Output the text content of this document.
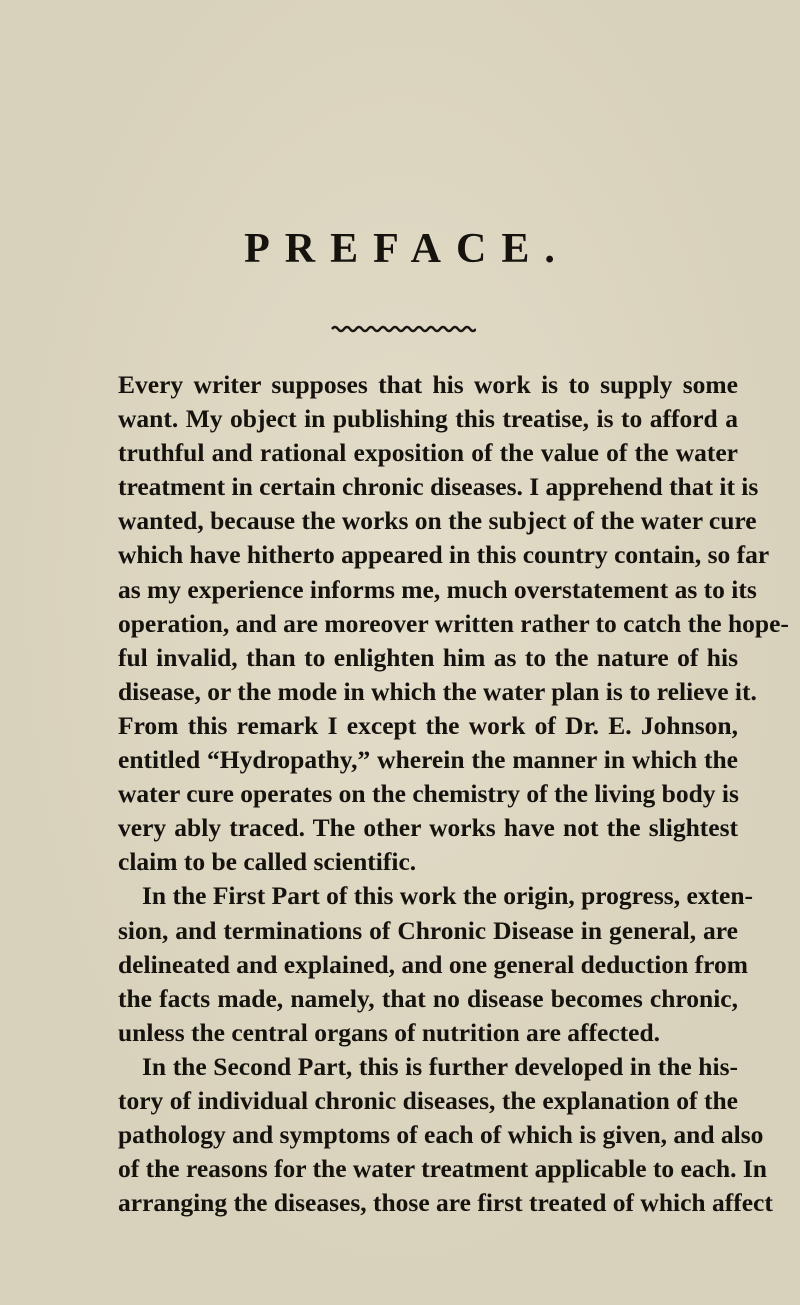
PREFACE.
Every writer supposes that his work is to supply some
want. My object in publishing this treatise, is to afford a
truthful and rational exposition of the value of the water
treatment in certain chronic diseases. I apprehend that it is
wanted, because the works on the subject of the water cure
which have hitherto appeared in this country contain, so far
as my experience informs me, much overstatement as to its
operation, and are moreover written rather to catch the hope-
ful invalid, than to enlighten him as to the nature of his
disease, or the mode in which the water plan is to relieve it.
From this remark I except the work of Dr. E. Johnson,
entitled “Hydropathy,” wherein the manner in which the
water cure operates on the chemistry of the living body is
very ably traced. The other works have not the slightest
claim to be called scientific.
In the First Part of this work the origin, progress, exten-
sion, and terminations of Chronic Disease in general, are
delineated and explained, and one general deduction from
the facts made, namely, that no disease becomes chronic,
unless the central organs of nutrition are affected.
In the Second Part, this is further developed in the his-
tory of individual chronic diseases, the explanation of the
pathology and symptoms of each of which is given, and also
of the reasons for the water treatment applicable to each. In
arranging the diseases, those are first treated of which affect
